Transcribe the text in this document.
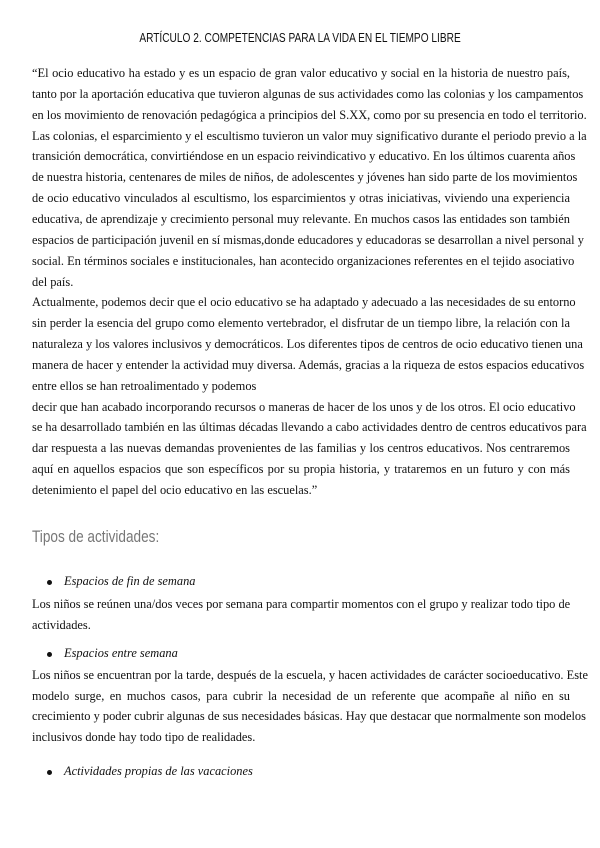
ARTÍCULO 2. COMPETENCIAS PARA LA VIDA EN EL TIEMPO LIBRE
“El ocio educativo ha estado y es un espacio de gran valor educativo y social en la historia de nuestro país,
tanto por la aportación educativa que tuvieron algunas de sus actividades como las colonias y los campamentos
en los movimiento de renovación pedagógica a principios del S.XX, como por su presencia en todo el territorio.
Las colonias, el esparcimiento y el escultismo tuvieron un valor muy significativo durante el periodo previo a la
transición democrática, convirtiéndose en un espacio reivindicativo y educativo. En los últimos cuarenta años
de nuestra historia, centenares de miles de niños, de adolescentes y jóvenes han sido parte de los movimientos
de ocio educativo vinculados al escultismo, los esparcimientos y otras iniciativas, viviendo una experiencia
educativa, de aprendizaje y crecimiento personal muy relevante. En muchos casos las entidades son también
espacios de participación juvenil en sí mismas,donde educadores y educadoras se desarrollan a nivel personal y
social. En términos sociales e institucionales, han acontecido organizaciones referentes en el tejido asociativo
del país.
Actualmente, podemos decir que el ocio educativo se ha adaptado y adecuado a las necesidades de su entorno
sin perder la esencia del grupo como elemento vertebrador, el disfrutar de un tiempo libre, la relación con la
naturaleza y los valores inclusivos y democráticos. Los diferentes tipos de centros de ocio educativo tienen una
manera de hacer y entender la actividad muy diversa. Además, gracias a la riqueza de estos espacios educativos
entre ellos se han retroalimentado y podemos
decir que han acabado incorporando recursos o maneras de hacer de los unos y de los otros. El ocio educativo
se ha desarrollado también en las últimas décadas llevando a cabo actividades dentro de centros educativos para
dar respuesta a las nuevas demandas provenientes de las familias y los centros educativos. Nos centraremos
aquí en aquellos espacios que son específicos por su propia historia, y trataremos en un futuro y con más
detenimiento el papel del ocio educativo en las escuelas.”
Tipos de actividades:
Espacios de fin de semana
Los niños se reúnen una/dos veces por semana para compartir momentos con el grupo y realizar todo tipo de
actividades.
Espacios entre semana
Los niños se encuentran por la tarde, después de la escuela, y hacen actividades de carácter socioeducativo. Este
modelo surge, en muchos casos, para cubrir la necesidad de un referente que acompañe al niño en su
crecimiento y poder cubrir algunas de sus necesidades básicas. Hay que destacar que normalmente son modelos
inclusivos donde hay todo tipo de realidades.
Actividades propias de las vacaciones
